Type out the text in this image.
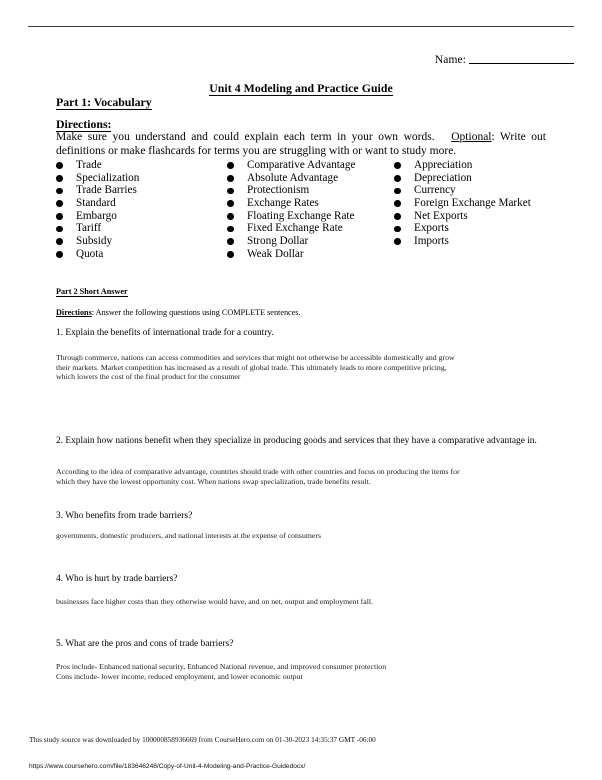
Name:
Unit 4 Modeling and Practice Guide
Part 1: Vocabulary
Directions:
Make sure you understand and could explain each term in your own words. Optional: Write out
definitions or make flashcards for terms you are struggling with or want to study more.
Trade
Specialization
Trade Barries
Standard
Embargo
Tariff
Subsidy
Quota
Comparative Advantage
Absolute Advantage
Protectionism
Exchange Rates
Floating Exchange Rate
Fixed Exchange Rate
Strong Dollar
Weak Dollar
Appreciation
Depreciation
Currency
Foreign Exchange Market
Net Exports
Exports
Imports
Part 2 Short Answer
Directions: Answer the following questions using COMPLETE sentences.
1. Explain the benefits of international trade for a country.
Through commerce, nations can access commodities and services that might not otherwise be accessible domestically and grow
their markets. Market competition has increased as a result of global trade. This ultimately leads to more competitive pricing,
which lowers the cost of the final product for the consumer
2. Explain how nations benefit when they specialize in producing goods and services that they have a comparative advantage in.
According to the idea of comparative advantage, countries should trade with other countries and focus on producing the items for
which they have the lowest opportunity cost. When nations swap specialization, trade benefits result.
3. Who benefits from trade barriers?
governments, domestic producers, and national interests at the expense of consumers
4. Who is hurt by trade barriers?
businesses face higher costs than they otherwise would have, and on net, output and employment fall.
5. What are the pros and cons of trade barriers?
Pros include- Enhanced national security, Enhanced National revenue, and improved consumer protection
Cons include- lower income, reduced employment, and lower economic output
This study source was downloaded by 100000858936669 from CourseHero.com on 01-30-2023 14:35:37 GMT -06:00
https://www.coursehero.com/file/183646248/Copy-of-Unit-4-Modeling-and-Practice-Guidedocx/
